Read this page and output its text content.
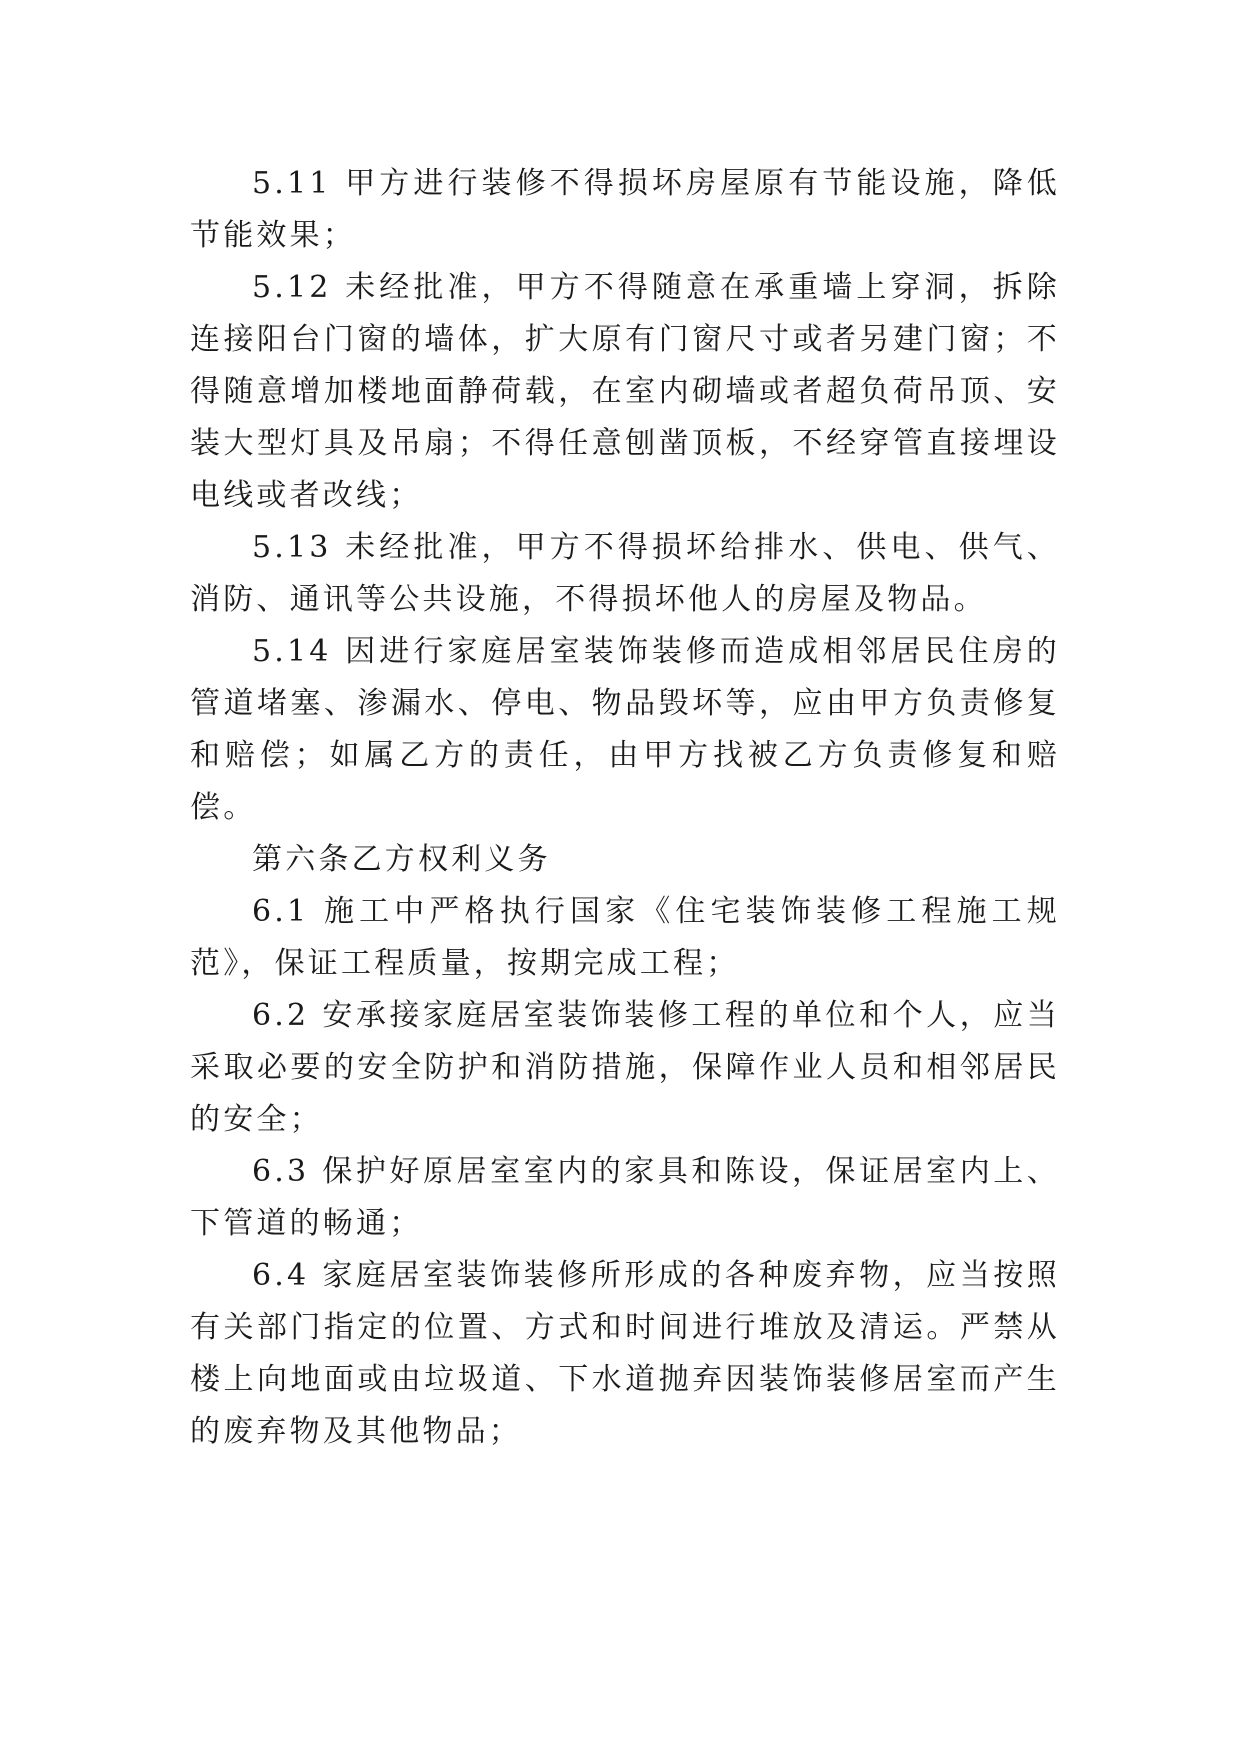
5.11 甲方进行装修不得损坏房屋原有节能设施，降低节能效果；

5.12 未经批准，甲方不得随意在承重墙上穿洞，拆除连接阳台门窗的墙体，扩大原有门窗尺寸或者另建门窗；不得随意增加楼地面静荷载，在室内砌墙或者超负荷吊顶、安装大型灯具及吊扇；不得任意刨凿顶板，不经穿管直接埋设电线或者改线；

5.13 未经批准，甲方不得损坏给排水、供电、供气、消防、通讯等公共设施，不得损坏他人的房屋及物品。

5.14 因进行家庭居室装饰装修而造成相邻居民住房的管道堵塞、渗漏水、停电、物品毁坏等，应由甲方负责修复和赔偿；如属乙方的责任，由甲方找被乙方负责修复和赔偿。

第六条乙方权利义务

6.1 施工中严格执行国家《住宅装饰装修工程施工规范》，保证工程质量，按期完成工程；

6.2 安承接家庭居室装饰装修工程的单位和个人，应当采取必要的安全防护和消防措施，保障作业人员和相邻居民的安全；

6.3 保护好原居室室内的家具和陈设，保证居室内上、下管道的畅通；

6.4 家庭居室装饰装修所形成的各种废弃物，应当按照有关部门指定的位置、方式和时间进行堆放及清运。严禁从楼上向地面或由垃圾道、下水道抛弃因装饰装修居室而产生的废弃物及其他物品；
